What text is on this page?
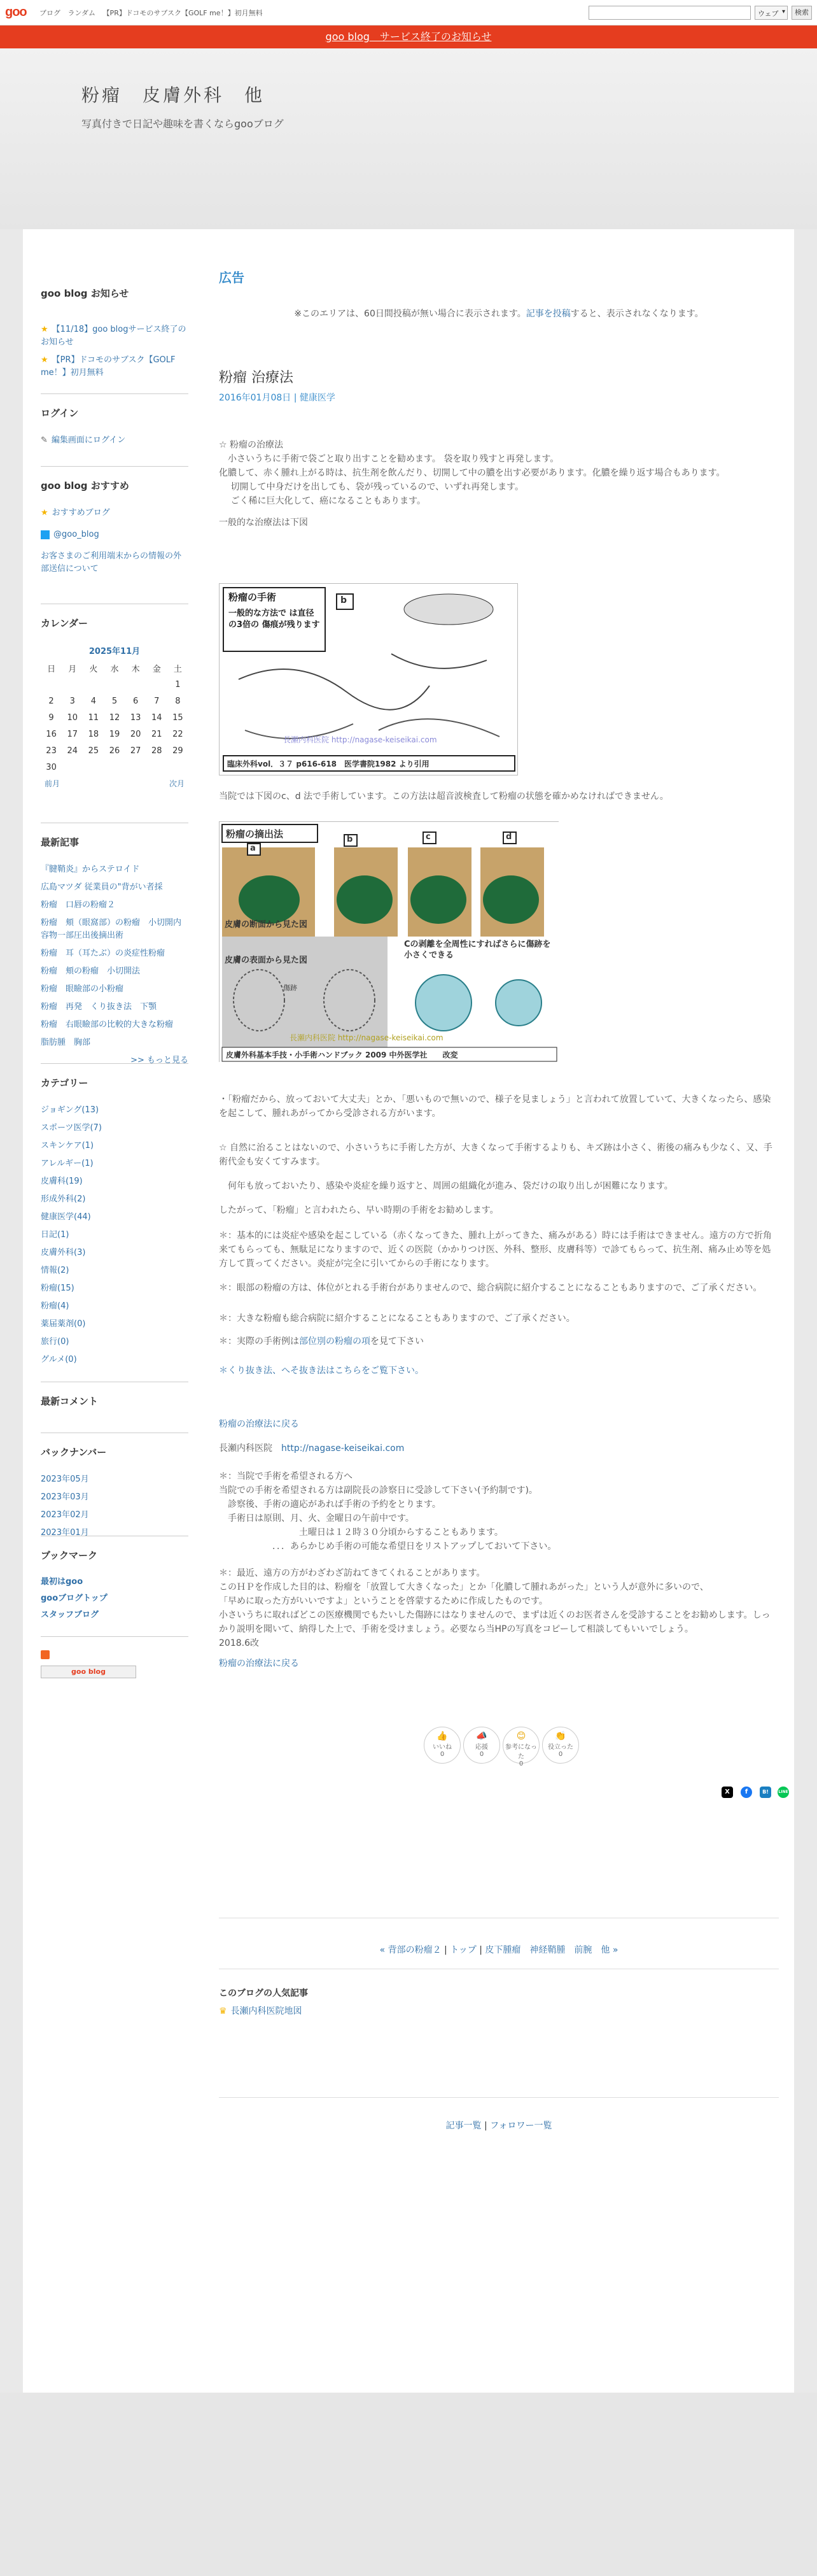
goo ブログ ランダム 【PR】ドコモのサブスク【GOLF me！】初月無料	ウェブ ▾	検索
goo blog　サービス終了のお知らせ
粉瘤　皮膚外科　他
写真付きで日記や趣味を書くならgooブログ
goo blog お知らせ
★ 【11/18】goo blogサービス終了のお知らせ
★ 【PR】ドコモのサブスク【GOLF me！】初月無料
ログイン
✎ 編集画面にログイン
goo blog おすすめ
★ おすすめブログ
@goo_blog
お客さまのご利用端末からの情報の外部送信について
カレンダー
2025年11月
日	月	火	水	木	金	土
						1
2	3	4	5	6	7	8
9	10	11	12	13	14	15
16	17	18	19	20	21	22
23	24	25	26	27	28	29
30						
前月	次月
最新記事
『腱鞘炎』からステロイド
広島マツダ 従業員の"背がい者採
粉瘤　口唇の粉瘤２
粉瘤　頬（眼窩部）の粉瘤　小切開内容物一部圧出後摘出術
粉瘤　耳（耳たぶ）の炎症性粉瘤
粉瘤　頬の粉瘤　小切開法
粉瘤　眼瞼部の小粉瘤
粉瘤　再発　くり抜き法　下顎
粉瘤　右眼瞼部の比較的大きな粉瘤
脂肪腫　胸部
>> もっと見る
カテゴリー
ジョギング(13)
スポーツ医学(7)
スキンケア(1)
アレルギー(1)
皮膚科(19)
形成外科(2)
健康医学(44)
日記(1)
皮膚外科(3)
情報(2)
粉瘤(15)
粉瘤(4)
薬届薬剤(0)
旅行(0)
グルメ(0)
最新コメント
バックナンバー
2023年05月
2023年03月
2023年02月
2023年01月
ブックマーク
最初はgoo
gooブログトップ
スタッフブログ
goo blog
広告
※このエリアは、60日間投稿が無い場合に表示されます。記事を投稿すると、表示されなくなります。
粉瘤 治療法
2016年01月08日 | 健康医学
☆ 粉瘤の治療法
　小さいうちに手術で袋ごと取り出すことを勧めます。 袋を取り残すと再発します。
化膿して、赤く腫れ上がる時は、抗生剤を飲んだり、切開して中の膿を出す必要があります。化膿を繰り返す場合もあります。
　 切開して中身だけを出しても、袋が残っているので、いずれ再発します。
　 ごく稀に巨大化して、癌になることもあります。
一般的な治療法は下図
粉瘤の手術
一般的な方法で は直径の3倍の 傷痕が残ります
b
長瀬内科医院 http://nagase-keiseikai.com
臨床外科vol．３７ p616-618　医学書院1982 より引用
当院では下図のc、d 法で手術しています。この方法は超音波検査して粉瘤の状態を確かめなければできません。
粉瘤の摘出法
a
b	c	d
皮膚の断面から見た図
皮膚の表面から見た図
Cの剥離を全周性にすればさらに傷跡を小さくできる
傷跡
長瀬内科医院 http://nagase-keiseikai.com
皮膚外科基本手技・小手術ハンドブック 2009 中外医学社　　改変
・「粉瘤だから、放っておいて大丈夫」とか、「悪いもので無いので、様子を見ましょう」と言われて放置していて、大きくなったら、感染を起こして、腫れあがってから受診される方がいます。
☆ 自然に治ることはないので、小さいうちに手術した方が、大きくなって手術するよりも、キズ跡は小さく、術後の痛みも少なく、又、手術代金も安くてすみます。
　何年も放っておいたり、感染や炎症を繰り返すと、周囲の組織化が進み、袋だけの取り出しが困難になります。
したがって、「粉瘤」と言われたら、早い時期の手術をお勧めします。
＊：基本的には炎症や感染を起こしている（赤くなってきた、腫れ上がってきた、痛みがある）時には手術はできません。遠方の方で折角来てもらっても、無駄足になりますので、近くの医院（かかりつけ医、外科、整形、皮膚科等）で診てもらって、抗生剤、痛み止め等を処方して貰ってください。炎症が完全に引いてからの手術になります。
＊：眼部の粉瘤の方は、体位がとれる手術台がありませんので、総合病院に紹介することになることもありますので、ご了承ください。
＊：大きな粉瘤も総合病院に紹介することになることもありますので、ご了承ください。
＊：実際の手術例は部位別の粉瘤の項を見て下さい
＊くり抜き法、へそ抜き法はこちらをご覧下さい。
粉瘤の治療法に戻る
長瀬内科医院　http://nagase-keiseikai.com
＊：当院で手術を希望される方へ
当院での手術を希望される方は副院長の診察日に受診して下さい(予約制です)。
　診察後、手術の適応があれば手術の予約をとります。
　手術日は原則、月、火、金曜日の午前中です。
　　　　　　　　　土曜日は１２時３０分頃からすることもあります。
　　　　　　．．．あらかじめ手術の可能な希望日をリストアップしておいて下さい。
＊：最近、遠方の方がわざわざ訪ねてきてくれることがあります。
このＨＰを作成した目的は、粉瘤を「放置して大きくなった」とか「化膿して腫れあがった」という人が意外に多いので、
「早めに取った方がいいですよ」ということを啓蒙するために作成したものです。
小さいうちに取ればどこの医療機関でもたいした傷跡にはなりませんので、まずは近くのお医者さんを受診することをお勧めします。しっかり説明を聞いて、納得した上で、手術を受けましょう。必要なら当HPの写真をコピーして相談してもいいでしょう。　　　　　　　　　2018.6改
粉瘤の治療法に戻る
👍
いいね
0
📣
応援
0
😊
参考になった
0
👏
役立った
0
X	f	B!	LINE
« 背部の粉瘤２ | トップ | 皮下腫瘤　神経鞘腫　前腕　他 »
このブログの人気記事
♛ 長瀬内科医院地図
記事一覧 | フォロワー一覧
